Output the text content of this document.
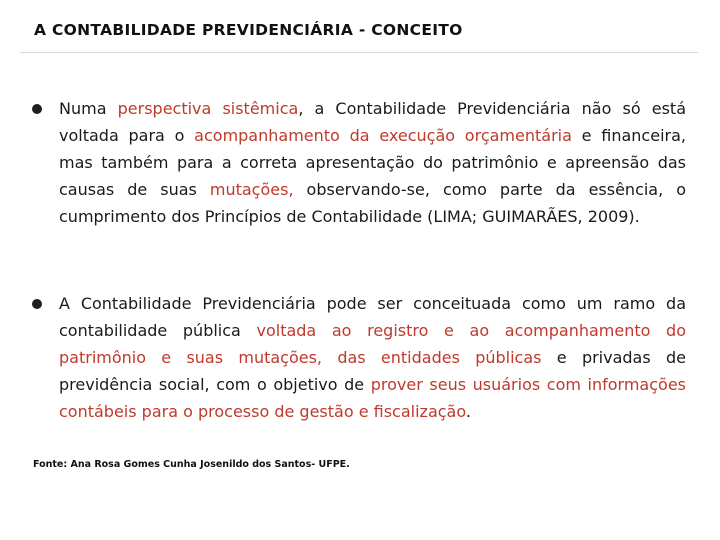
A CONTABILIDADE PREVIDENCIÁRIA - CONCEITO

Numa perspectiva sistêmica, a Contabilidade Previdenciária não só está voltada para o acompanhamento da execução orçamentária e financeira, mas também para a correta apresentação do patrimônio e apreensão das causas de suas mutações, observando-se, como parte da essência, o cumprimento dos Princípios de Contabilidade (LIMA; GUIMARÃES, 2009).

A Contabilidade Previdenciária pode ser conceituada como um ramo da contabilidade pública voltada ao registro e ao acompanhamento do patrimônio e suas mutações, das entidades públicas e privadas de previdência social, com o objetivo de prover seus usuários com informações contábeis para o processo de gestão e fiscalização.

Fonte: Ana Rosa Gomes Cunha Josenildo dos Santos- UFPE.
